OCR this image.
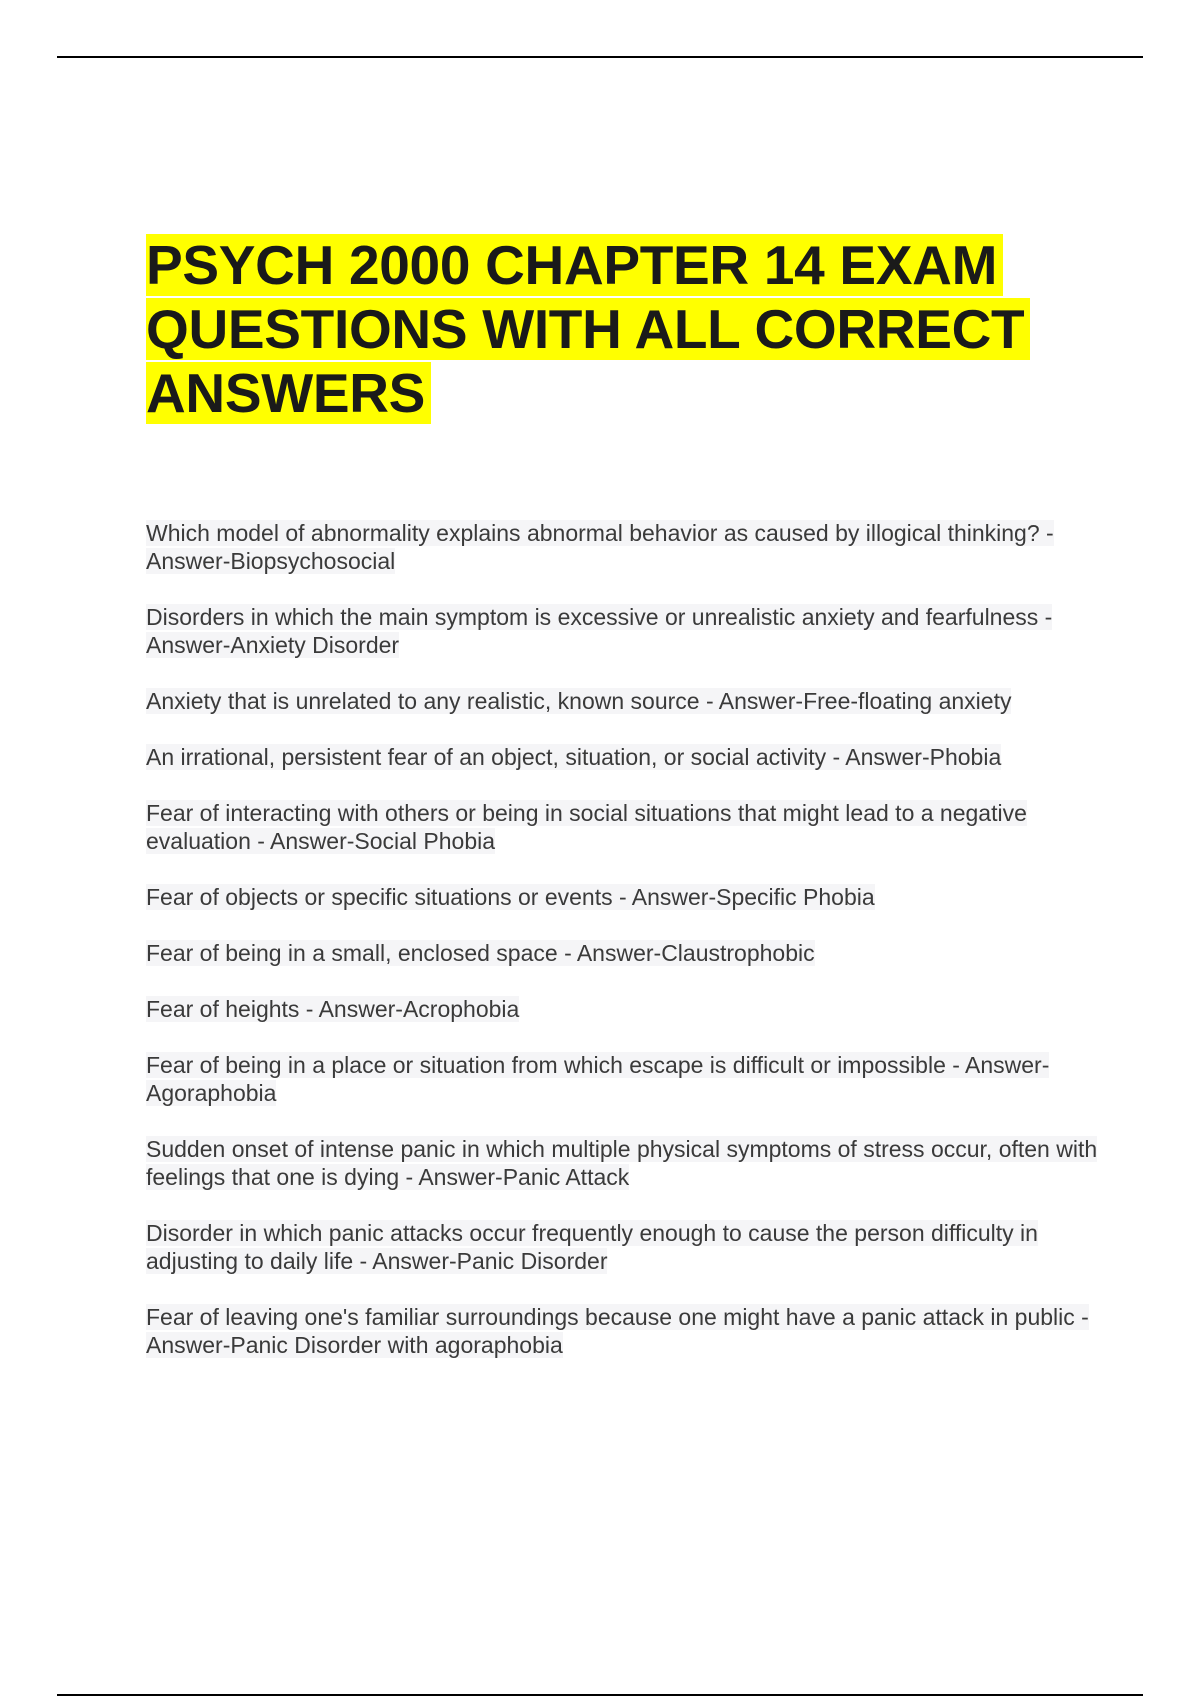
PSYCH 2000 CHAPTER 14 EXAM QUESTIONS WITH ALL CORRECT ANSWERS
Which model of abnormality explains abnormal behavior as caused by illogical thinking? - Answer-Biopsychosocial
Disorders in which the main symptom is excessive or unrealistic anxiety and fearfulness - Answer-Anxiety Disorder
Anxiety that is unrelated to any realistic, known source - Answer-Free-floating anxiety
An irrational, persistent fear of an object, situation, or social activity - Answer-Phobia
Fear of interacting with others or being in social situations that might lead to a negative evaluation - Answer-Social Phobia
Fear of objects or specific situations or events - Answer-Specific Phobia
Fear of being in a small, enclosed space - Answer-Claustrophobic
Fear of heights - Answer-Acrophobia
Fear of being in a place or situation from which escape is difficult or impossible - Answer-Agoraphobia
Sudden onset of intense panic in which multiple physical symptoms of stress occur, often with feelings that one is dying - Answer-Panic Attack
Disorder in which panic attacks occur frequently enough to cause the person difficulty in adjusting to daily life - Answer-Panic Disorder
Fear of leaving one's familiar surroundings because one might have a panic attack in public - Answer-Panic Disorder with agoraphobia
